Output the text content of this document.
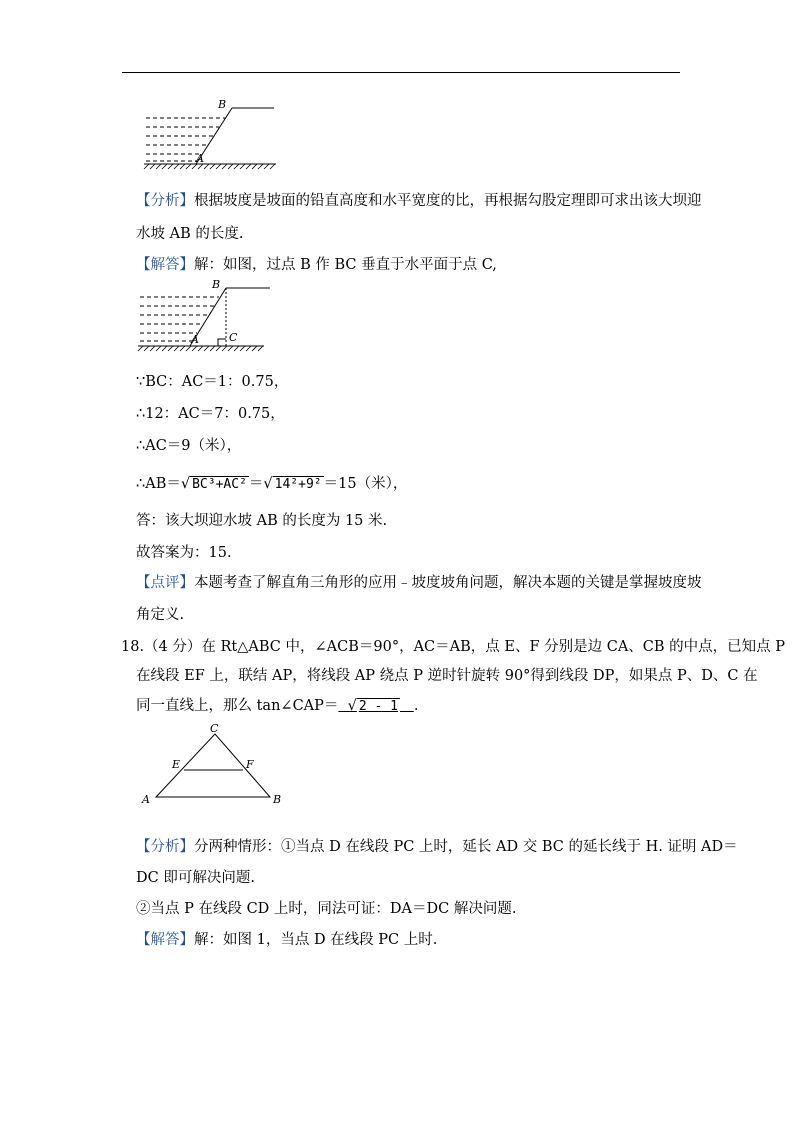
B
A
【分析】根据坡度是坡面的铅直高度和水平宽度的比，再根据勾股定理即可求出该大坝迎
水坡 AB 的长度.
【解答】解：如图，过点 B 作 BC 垂直于水平面于点 C,
B
A	C
∵BC：AC＝1：0.75，
∴12：AC＝7：0.75，
∴AC＝9（米），
∴AB＝√ BC³+AC² ＝√ 14²+9² ＝15（米），
答：该大坝迎水坡 AB 的长度为 15 米.
故答案为：15.
【点评】本题考查了解直角三角形的应用﹣坡度坡角问题，解决本题的关键是掌握坡度坡
角定义.
18.（4 分）在 Rt△ABC 中，∠ACB＝90°，AC＝AB，点 E、F 分别是边 CA、CB 的中点，已知点 P
在线段 EF 上，联结 AP，将线段 AP 绕点 P 逆时针旋转 90°得到线段 DP，如果点 P、D、C 在
同一直线上，那么 tan∠CAP＝  √ 2 - 1 .
C
E	F
A	B
【分析】分两种情形：①当点 D 在线段 PC 上时，延长 AD 交 BC 的延长线于 H. 证明 AD＝
DC 即可解决问题.
②当点 P 在线段 CD 上时，同法可证：DA＝DC 解决问题.
【解答】解：如图 1，当点 D 在线段 PC 上时.
